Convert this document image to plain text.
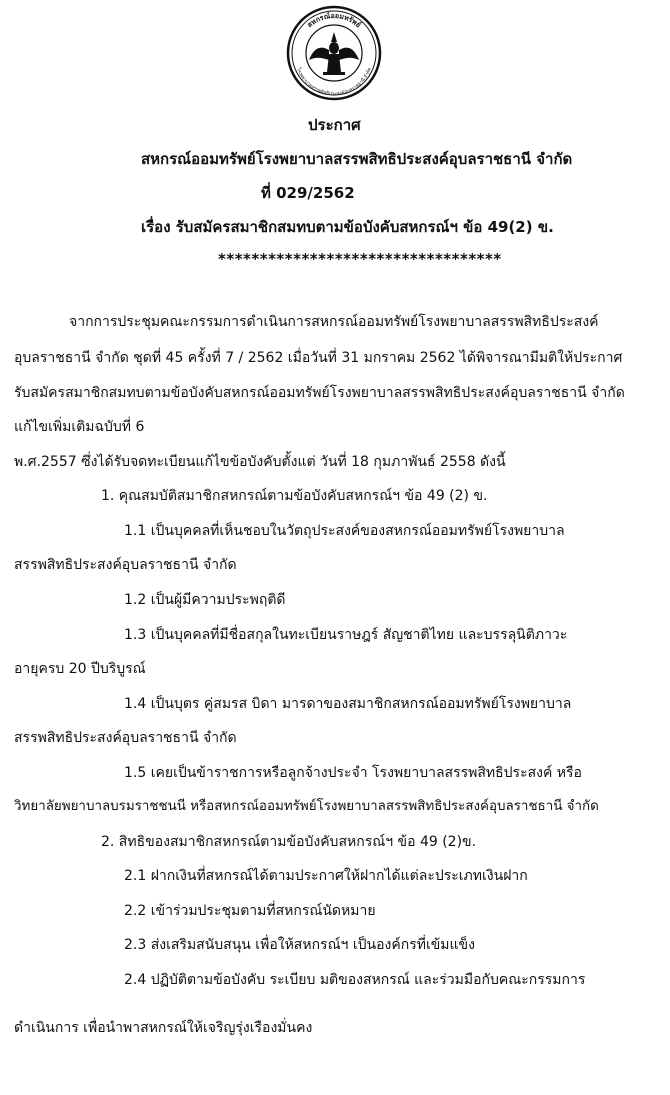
สหกรณ์ออมทรัพย์
โรงพยาบาลสรรพสิทธิประสงค์อุบลราชธานี จำกัด
ประกาศ
สหกรณ์ออมทรัพย์โรงพยาบาลสรรพสิทธิประสงค์อุบลราชธานี จำกัด
ที่ 029/2562
เรื่อง รับสมัครสมาชิกสมทบตามข้อบังคับสหกรณ์ฯ ข้อ 49(2) ข.
**********************************
จากการประชุมคณะกรรมการดำเนินการสหกรณ์ออมทรัพย์โรงพยาบาลสรรพสิทธิประสงค์
อุบลราชธานี จำกัด ชุดที่ 45 ครั้งที่ 7 / 2562 เมื่อวันที่ 31 มกราคม 2562 ได้พิจารณามีมติให้ประกาศ
รับสมัครสมาชิกสมทบตามข้อบังคับสหกรณ์ออมทรัพย์โรงพยาบาลสรรพสิทธิประสงค์อุบลราชธานี จำกัด
แก้ไขเพิ่มเติมฉบับที่ 6
พ.ศ.2557 ซึ่งได้รับจดทะเบียนแก้ไขข้อบังคับตั้งแต่ วันที่ 18 กุมภาพันธ์ 2558 ดังนี้
1. คุณสมบัติสมาชิกสหกรณ์ตามข้อบังคับสหกรณ์ฯ ข้อ 49 (2) ข.
1.1 เป็นบุคคลที่เห็นชอบในวัตถุประสงค์ของสหกรณ์ออมทรัพย์โรงพยาบาล
สรรพสิทธิประสงค์อุบลราชธานี จำกัด
1.2 เป็นผู้มีความประพฤติดี
1.3 เป็นบุคคลที่มีชื่อสกุลในทะเบียนราษฎร์ สัญชาติไทย และบรรลุนิติภาวะ
อายุครบ 20 ปีบริบูรณ์
1.4 เป็นบุตร คู่สมรส บิดา มารดาของสมาชิกสหกรณ์ออมทรัพย์โรงพยาบาล
สรรพสิทธิประสงค์อุบลราชธานี จำกัด
1.5 เคยเป็นข้าราชการหรือลูกจ้างประจำ โรงพยาบาลสรรพสิทธิประสงค์ หรือ
วิทยาลัยพยาบาลบรมราชชนนี หรือสหกรณ์ออมทรัพย์โรงพยาบาลสรรพสิทธิประสงค์อุบลราชธานี จำกัด
2. สิทธิของสมาชิกสหกรณ์ตามข้อบังคับสหกรณ์ฯ ข้อ 49 (2)ข.
2.1 ฝากเงินที่สหกรณ์ได้ตามประกาศให้ฝากได้แต่ละประเภทเงินฝาก
2.2 เข้าร่วมประชุมตามที่สหกรณ์นัดหมาย
2.3 ส่งเสริมสนับสนุน เพื่อให้สหกรณ์ฯ เป็นองค์กรที่เข้มแข็ง
2.4 ปฏิบัติตามข้อบังคับ ระเบียบ มติของสหกรณ์ และร่วมมือกับคณะกรรมการ
ดำเนินการ เพื่อนำพาสหกรณ์ให้เจริญรุ่งเรืองมั่นคง
